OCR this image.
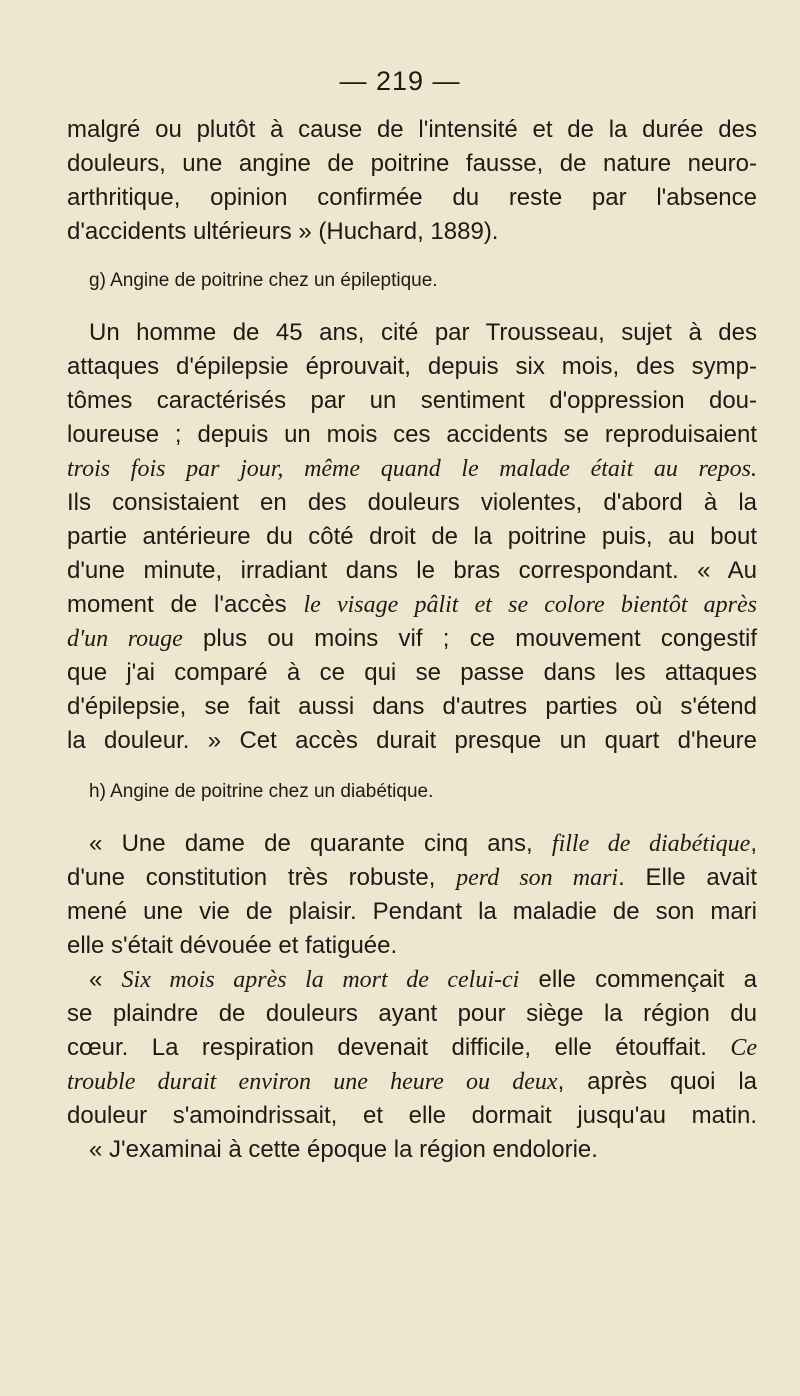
— 219 —
malgré ou plutôt à cause de l'intensité et de la durée des
douleurs, une angine de poitrine fausse, de nature neuro-
arthritique, opinion confirmée du reste par l'absence
d'accidents ultérieurs » (Huchard, 1889).
g) Angine de poitrine chez un épileptique.
Un homme de 45 ans, cité par Trousseau, sujet à des
attaques d'épilepsie éprouvait, depuis six mois, des symp-
tômes caractérisés par un sentiment d'oppression dou-
loureuse ; depuis un mois ces accidents se reproduisaient
trois fois par jour, même quand le malade était au repos.
Ils consistaient en des douleurs violentes, d'abord à la
partie antérieure du côté droit de la poitrine puis, au bout
d'une minute, irradiant dans le bras correspondant. « Au
moment de l'accès le visage pâlit et se colore bientôt après
d'un rouge plus ou moins vif ; ce mouvement congestif
que j'ai comparé à ce qui se passe dans les attaques
d'épilepsie, se fait aussi dans d'autres parties où s'étend
la douleur. » Cet accès durait presque un quart d'heure
h) Angine de poitrine chez un diabétique.
« Une dame de quarante cinq ans, fille de diabétique,
d'une constitution très robuste, perd son mari. Elle avait
mené une vie de plaisir. Pendant la maladie de son mari
elle s'était dévouée et fatiguée.
« Six mois après la mort de celui-ci elle commençait a
se plaindre de douleurs ayant pour siège la région du
cœur. La respiration devenait difficile, elle étouffait. Ce
trouble durait environ une heure ou deux, après quoi la
douleur s'amoindrissait, et elle dormait jusqu'au matin.
« J'examinai à cette époque la région endolorie.
